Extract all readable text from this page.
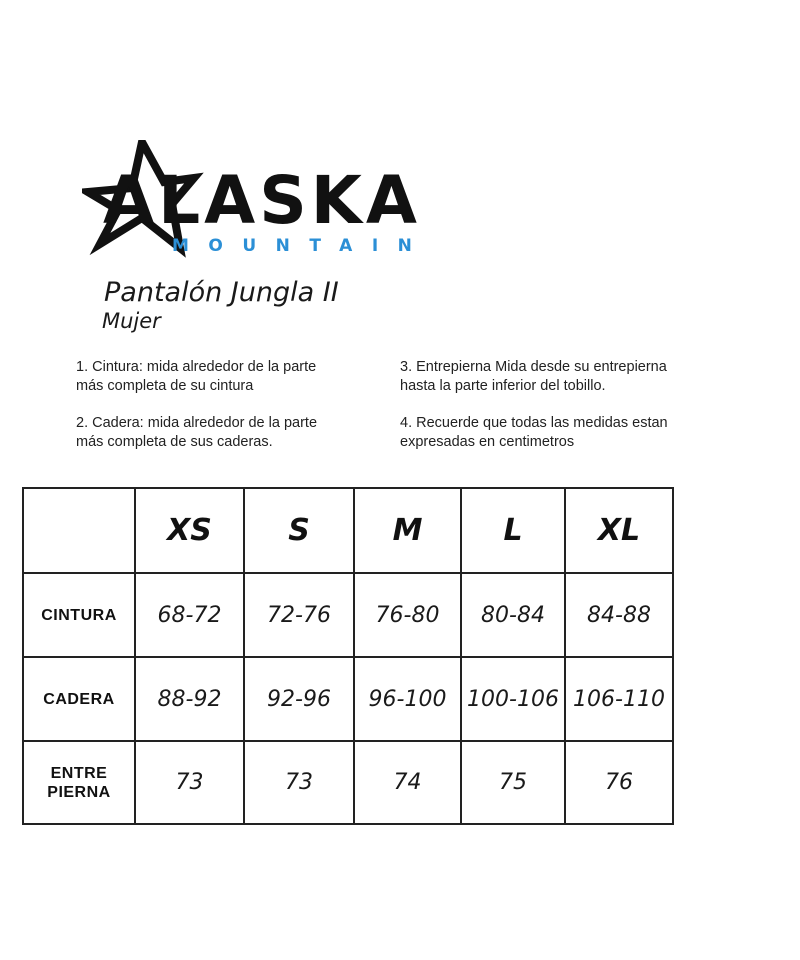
ALASKA
MOUNTAIN
Pantalón Jungla II
Mujer
1. Cintura: mida alrededor de la parte
más completa de su cintura
2. Cadera: mida alrededor de la parte
más completa de sus caderas.
3. Entrepierna Mida desde su entrepierna
hasta la parte inferior del tobillo.
4. Recuerde que todas las medidas estan
expresadas en centimetros
	XS	S	M	L	XL

CINTURA	68-72	72-76	76-80	80-84	84-88

CADERA	88-92	92-96	96-100	100-106	106-110

ENTRE
PIERNA	73	73	74	75	76
